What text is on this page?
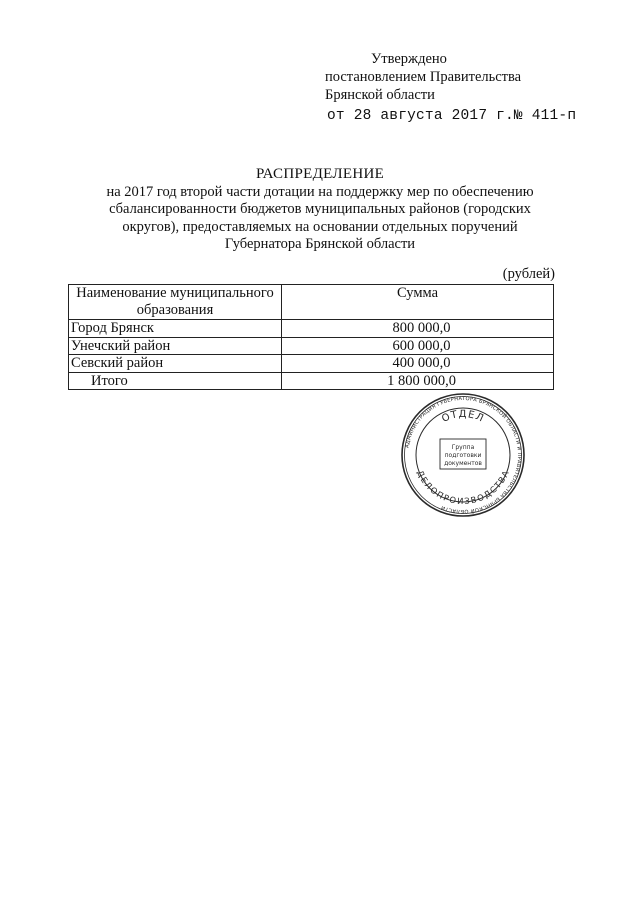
Утверждено
постановлением Правительства
Брянской области
от 28 августа 2017 г.№ 411-п
РАСПРЕДЕЛЕНИЕ
на 2017 год второй части дотации на поддержку мер по обеспечению
сбалансированности бюджетов муниципальных районов (городских
округов), предоставляемых на основании отдельных поручений
Губернатора Брянской области
(рублей)
Наименование муниципального образования	Сумма
Город Брянск	800 000,0
Унечский район	600 000,0
Севский район	400 000,0
Итого	1 800 000,0
АДМИНИСТРАЦИЯ ГУБЕРНАТОРА БРЯНСКОЙ ОБЛАСТИ И ПРАВИТЕЛЬСТВА БРЯНСКОЙ ОБЛАСТИ
ОТДЕЛ
ДЕЛОПРОИЗВОДСТВА
Группа
подготовки
документов
